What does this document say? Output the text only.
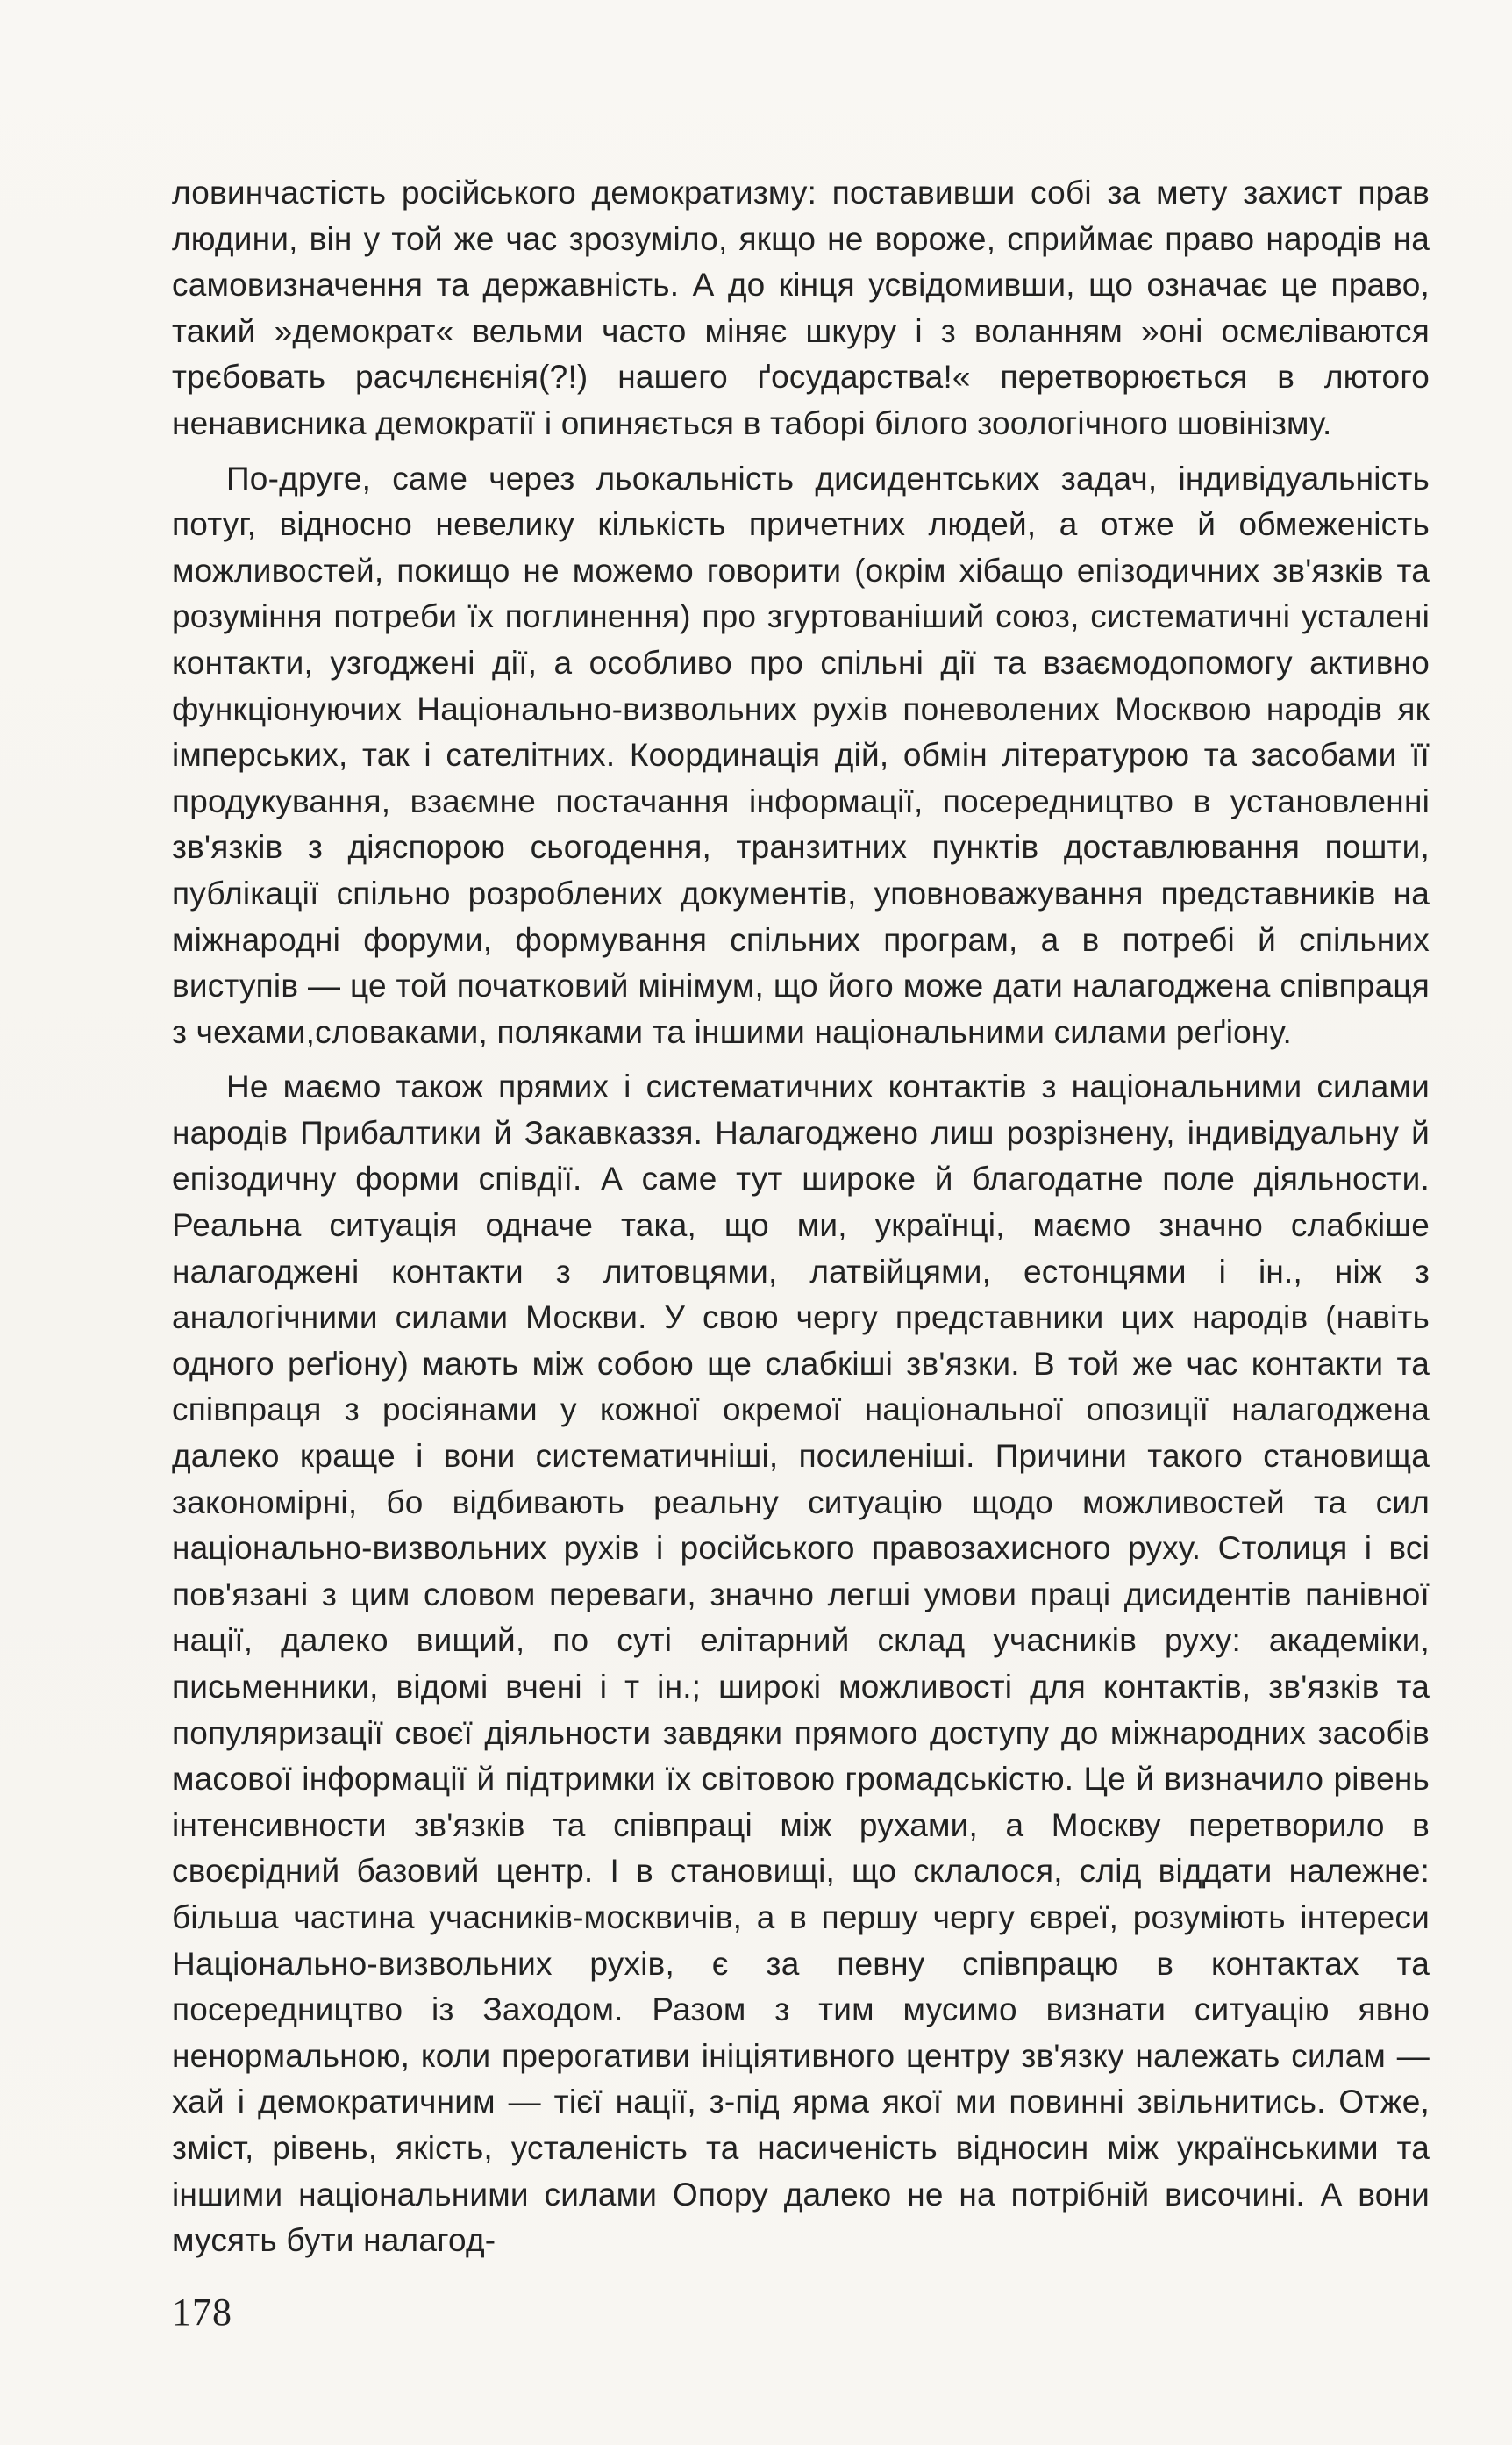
ловинчастість російського демократизму: поставивши собі за мету захист прав людини, він у той же час зрозуміло, якщо не вороже, сприймає право народів на самовизначення та державність. А до кінця усвідомивши, що означає це право, такий »демократ« вельми часто міняє шкуру і з воланням »оні осмєліваются трєбовать расчлєнєнія(?!) нашего ґосударства!« перетворюється в лютого ненависника демократії і опиняється в таборі білого зоологічного шовінізму.

По-друге, саме через льокальність дисидентських задач, індивідуальність потуг, відносно невелику кількість причетних людей, а отже й обмеженість можливостей, покищо не можемо говорити (окрім хібащо епізодичних зв'язків та розуміння потреби їх поглинення) про згуртованіший союз, систематичні усталені контакти, узгоджені дії, а особливо про спільні дії та взаємодопомогу активно функціонуючих Національно-визвольних рухів поневолених Москвою народів як імперських, так і сателітних. Координація дій, обмін літературою та засобами її продукування, взаємне постачання інформації, посередництво в установленні зв'язків з діяспорою сьогодення, транзитних пунктів доставлювання пошти, публікації спільно розроблених документів, уповноважування представників на міжнародні форуми, формування спільних програм, а в потребі й спільних виступів — це той початковий мінімум, що його може дати налагоджена співпраця з чехами,словаками, поляками та іншими національними силами реґіону.

Не маємо також прямих і систематичних контактів з національними силами народів Прибалтики й Закавказзя. Налагоджено лиш розрізнену, індивідуальну й епізодичну форми співдії. А саме тут широке й благодатне поле діяльности. Реальна ситуація одначе така, що ми, українці, маємо значно слабкіше налагоджені контакти з литовцями, латвійцями, естонцями і ін., ніж з аналогічними силами Москви. У свою чергу представники цих народів (навіть одного реґіону) мають між собою ще слабкіші зв'язки. В той же час контакти та співпраця з росіянами у кожної окремої національної опозиції налагоджена далеко краще і вони систематичніші, посиленіші. Причини такого становища закономірні, бо відбивають реальну ситуацію щодо можливостей та сил національно-визвольних рухів і російського правозахисного руху. Столиця і всі пов'язані з цим словом переваги, значно легші умови праці дисидентів панівної нації, далеко вищий, по суті елітарний склад учасників руху: академіки, письменники, відомі вчені і т ін.; широкі можливості для контактів, зв'язків та популяризації своєї діяльности завдяки прямого доступу до міжнародних засобів масової інформації й підтримки їх світовою громадськістю. Це й визначило рівень інтенсивности зв'язків та співпраці між рухами, а Москву перетворило в своєрідний базовий центр. І в становищі, що склалося, слід віддати належне: більша частина учасників-москвичів, а в першу чергу євреї, розуміють інтереси Національно-визвольних рухів, є за певну співпрацю в контактах та посередництво із Заходом. Разом з тим мусимо визнати ситуацію явно ненормальною, коли прерогативи ініціятивного центру зв'язку належать силам — хай і демократичним — тієї нації, з-під ярма якої ми повинні звільнитись. Отже, зміст, рівень, якість, усталеність та насиченість відносин між українськими та іншими національними силами Опору далеко не на потрібній височині. А вони мусять бути налагод-

178
